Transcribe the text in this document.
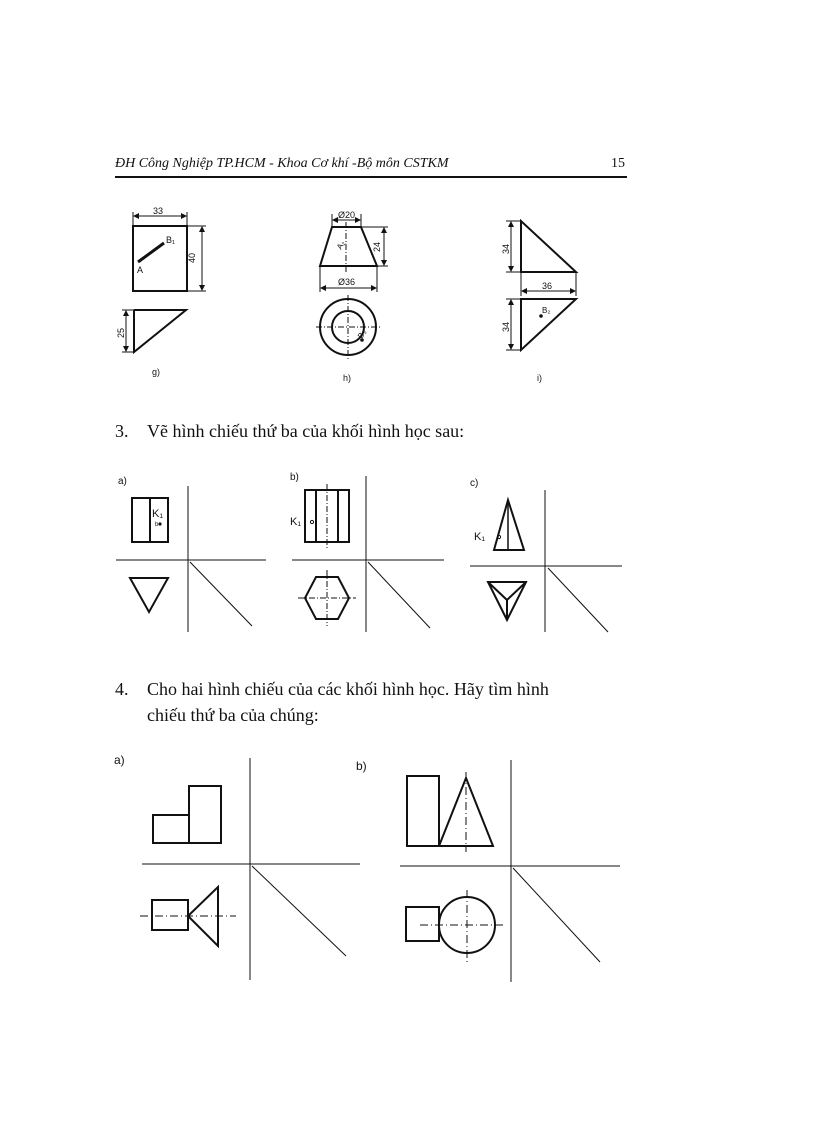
ĐH Công Nghiệp TP.HCM - Khoa Cơ khí -Bộ môn CSTKM	15
33
40
B₁
A
25
g)
Ø20
Ø36
24
A₂
B₃
h)
34
36
34
B₂
i)
3. Vẽ hình chiếu thứ ba của khối hình học sau:
a)
K₁
b
b)
K₁
c)
K₁
4. Cho hai hình chiếu của các khối hình học. Hãy tìm hình
chiếu thứ ba của chúng:
a)	b)
